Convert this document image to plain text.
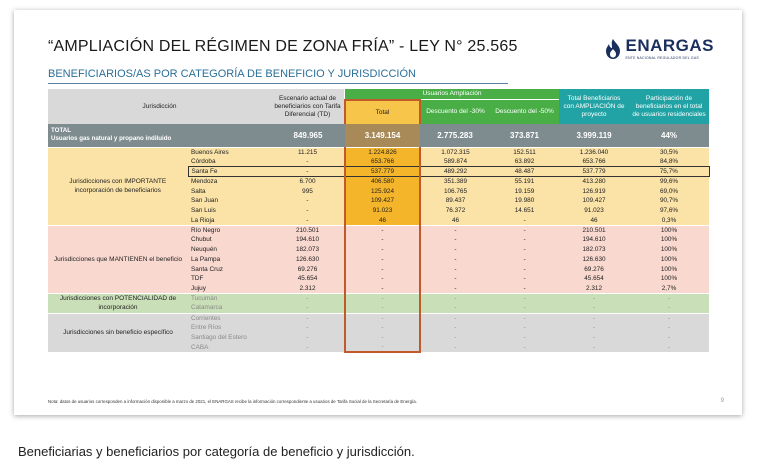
“AMPLIACIÓN DEL RÉGIMEN DE ZONA FRÍA” - LEY N° 25.565	ENARGAS
ENTE NACIONAL REGULADOR DEL GAS
BENEFICIARIOS/AS POR CATEGORÍA DE BENEFICIO Y JURISDICCIÓN
Jurisdicción		Escenario actual de beneficiarios con Tarifa Diferencial (TD)	Usuarios Ampliación			Total Beneficiarios con AMPLIACIÓN de proyecto	Participación de beneficiarios en el total de usuarios residenciales
			Total	Descuento del -30%	Descuento del -50%		

TOTAL
Usuarios gas natural y propano indiluido		849.965	3.149.154	2.775.283	373.871	3.999.119	44%
Jurisdicciones con IMPORTANTE incorporación de beneficiarios	Buenos Aires	11.215	1.224.826	1.072.315	152.511	1.236.040	30,5%
	Córdoba	-	653.766	589.874	63.892	653.766	84,8%
	Santa Fe	-	537.779	489.292	48.487	537.779	75,7%
	Mendoza	6.700	406.580	351.389	55.191	413.280	99,6%
	Salta	995	125.924	106.765	19.159	126.919	69,0%
	San Juan	-	109.427	89.437	19.980	109.427	90,7%
	San Luis	-	91.023	76.372	14.651	91.023	97,6%
	La Rioja	-	46	46	-	46	0,3%
Jurisdicciones que MANTIENEN el beneficio	Río Negro	210.501	-	-	-	210.501	100%
	Chubut	194.610	-	-	-	194.610	100%
	Neuquén	182.073	-	-	-	182.073	100%
	La Pampa	126.630	-	-	-	126.630	100%
	Santa Cruz	69.276	-	-	-	69.276	100%
	TDF	45.654	-	-	-	45.654	100%
	Jujuy	2.312	-	-	-	2.312	2,7%
Jurisdicciones con POTENCIALIDAD de incorporación	Tucumán	-	-	-	-	-	-
	Catamarca	-	-	-	-	-	-
Jurisdicciones sin beneficio específico	Corrientes	-	-	-	-	-	-
	Entre Ríos	-	-	-	-	-	-
	Santiago del Estero	-	-	-	-	-	-
	CABA	-	-	-	-	-	-
Nota: datos de usuarios corresponden a información disponible a marzo de 2021, el ENARGAS recibe la información correspondiente a usuarios de Tarifa Social de la Secretaría de Energía.	9
Beneficiarias y beneficiarios por categoría de beneficio y jurisdicción.
